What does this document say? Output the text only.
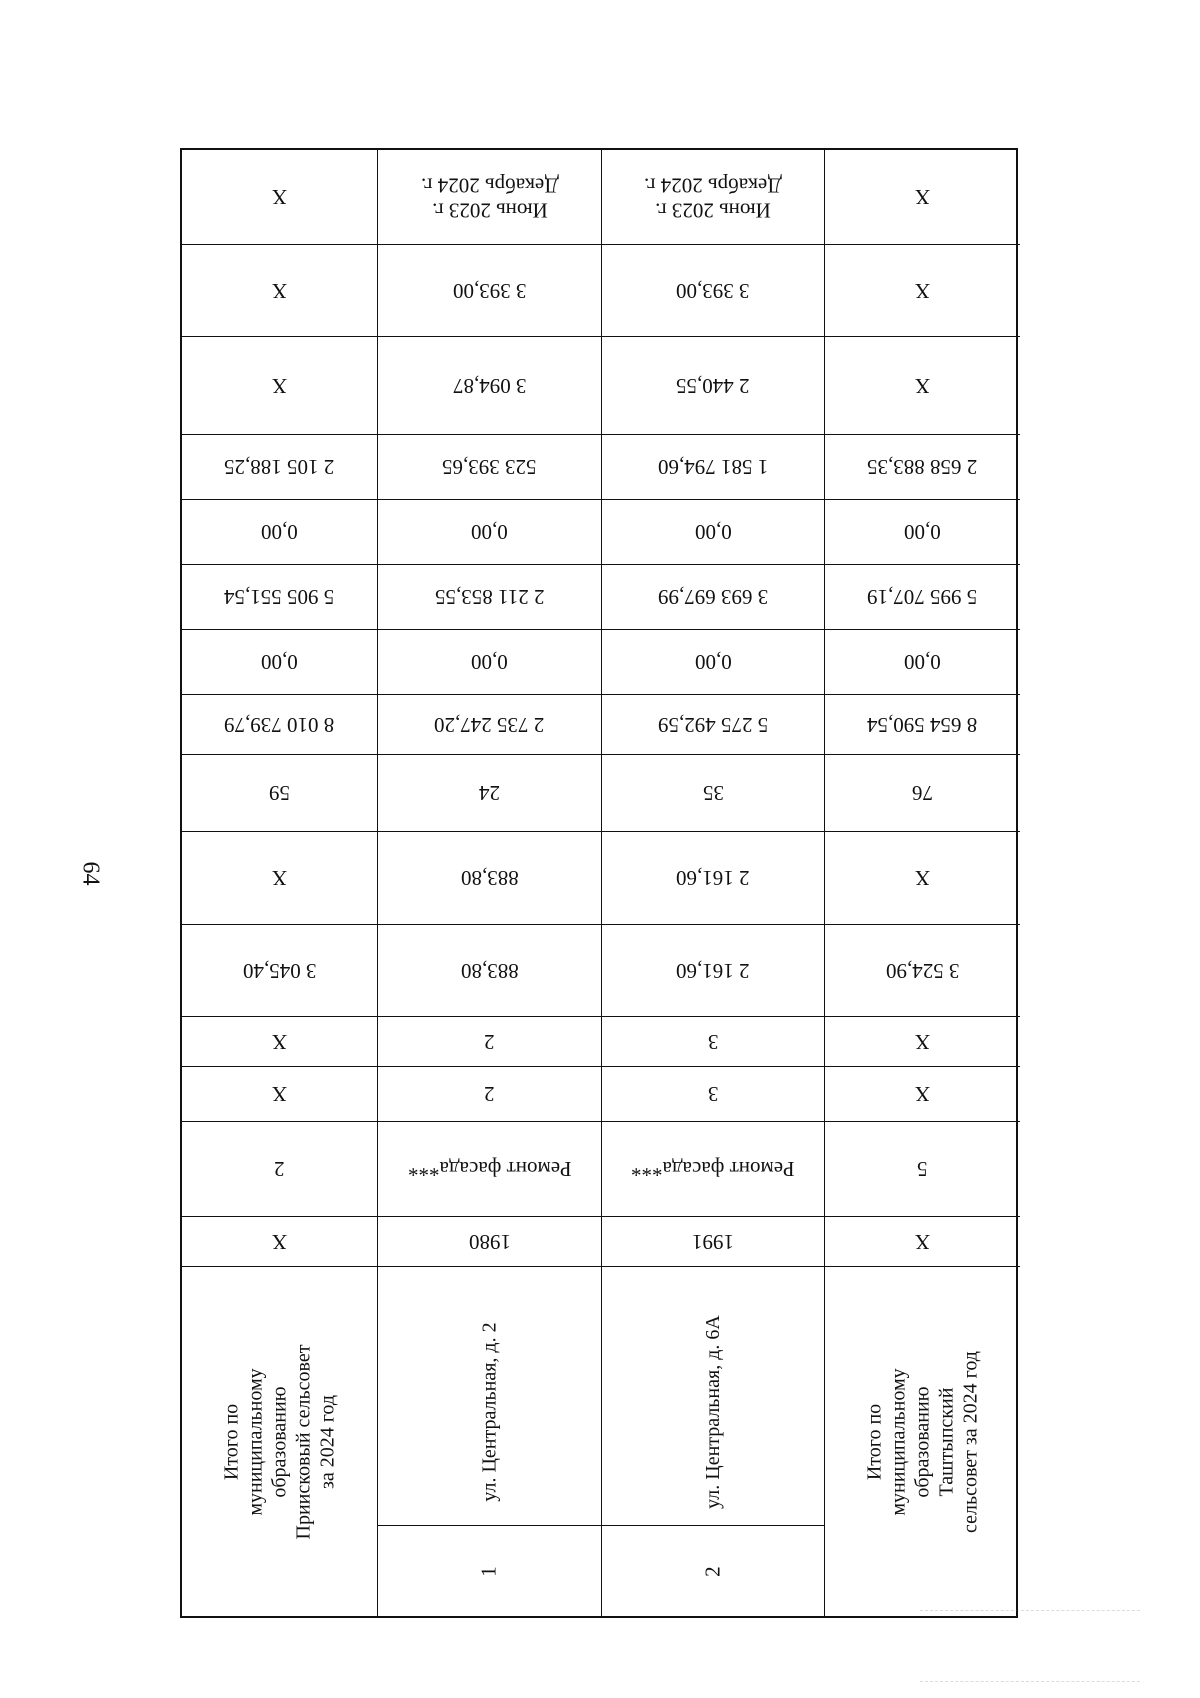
64
X
X
X
2 105 188,25
0,00
5 905 551,54
0,00
8 010 739,79
59
X
3 045,40
X
X
2
X
Итого по муниципальному образованию Приисковый сельсовет за 2024 год
Июнь 2023 г.
Декабрь 2024 г.
3 393,00
3 094,87
523 393,65
0,00
2 211 853,55
0,00
2 735 247,20
24
883,80
883,80
2
2
Ремонт фасада***
1980
ул. Центральная, д. 2
1
Июнь 2023 г.
Декабрь 2024 г.
3 393,00
2 440,55
1 581 794,60
0,00
3 693 697,99
0,00
5 275 492,59
35
2 161,60
2 161,60
3
3
Ремонт фасада***
1991
ул. Центральная, д. 6А
2
X
X
X
2 658 883,35
0,00
5 995 707,19
0,00
8 654 590,54
76
X
3 524,90
X
X
5
X
Итого по муниципальному образованию Таштыпский сельсовет за 2024 год
